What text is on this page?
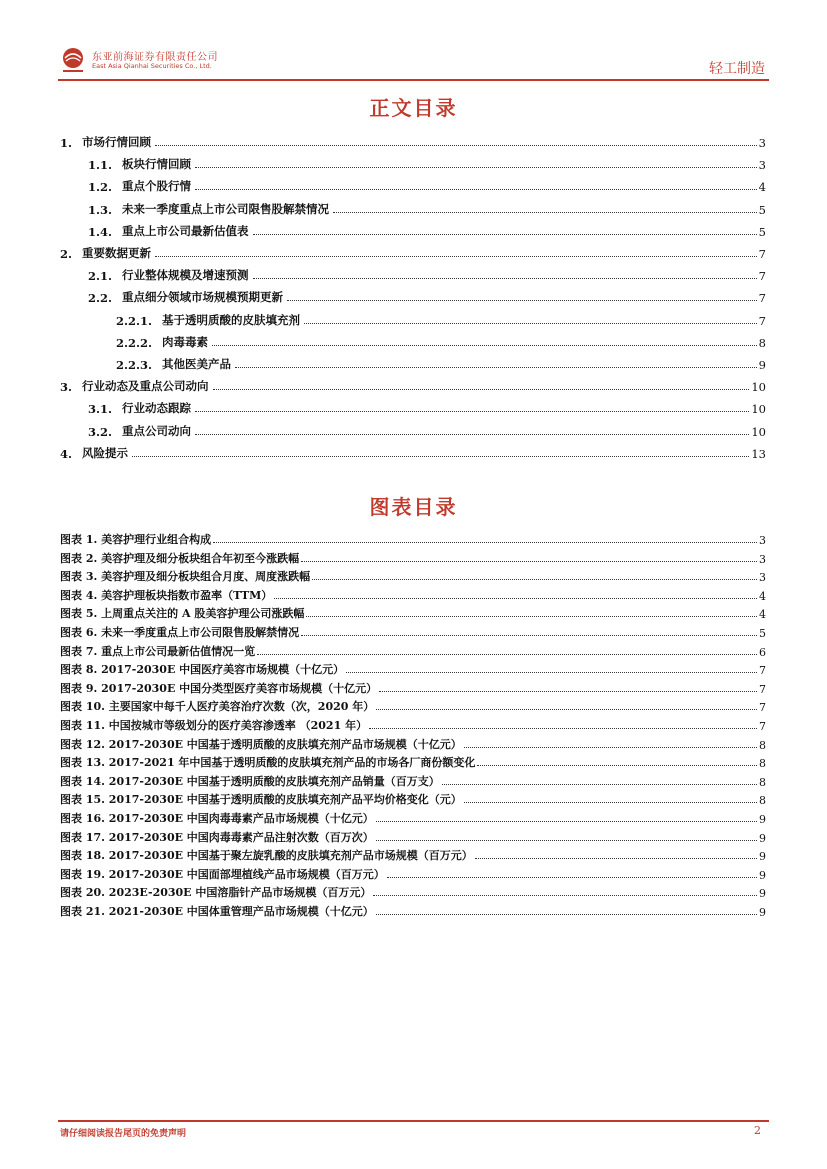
东亚前海证券有限责任公司
East Asia Qianhai Securities Co., Ltd.	轻工制造
正文目录
1. 市场行情回顾	3
1.1. 板块行情回顾	3
1.2. 重点个股行情	4
1.3. 未来一季度重点上市公司限售股解禁情况	5
1.4. 重点上市公司最新估值表	5
2. 重要数据更新	7
2.1. 行业整体规模及增速预测	7
2.2. 重点细分领域市场规模预期更新	7
2.2.1. 基于透明质酸的皮肤填充剂	7
2.2.2. 肉毒毒素	8
2.2.3. 其他医美产品	9
3. 行业动态及重点公司动向	10
3.1. 行业动态跟踪	10
3.2. 重点公司动向	10
4. 风险提示	13
图表目录
图表 1. 美容护理行业组合构成	3
图表 2. 美容护理及细分板块组合年初至今涨跌幅	3
图表 3. 美容护理及细分板块组合月度、周度涨跌幅	3
图表 4. 美容护理板块指数市盈率（TTM）	4
图表 5. 上周重点关注的 A 股美容护理公司涨跌幅	4
图表 6. 未来一季度重点上市公司限售股解禁情况	5
图表 7. 重点上市公司最新估值情况一览	6
图表 8. 2017-2030E 中国医疗美容市场规模（十亿元）	7
图表 9. 2017-2030E 中国分类型医疗美容市场规模（十亿元）	7
图表 10. 主要国家中每千人医疗美容治疗次数（次，2020 年）	7
图表 11. 中国按城市等级划分的医疗美容渗透率 （2021 年）	7
图表 12. 2017-2030E 中国基于透明质酸的皮肤填充剂产品市场规模（十亿元）	8
图表 13. 2017-2021 年中国基于透明质酸的皮肤填充剂产品的市场各厂商份额变化	8
图表 14. 2017-2030E 中国基于透明质酸的皮肤填充剂产品销量（百万支）	8
图表 15. 2017-2030E 中国基于透明质酸的皮肤填充剂产品平均价格变化（元）	8
图表 16. 2017-2030E 中国肉毒毒素产品市场规模（十亿元）	9
图表 17. 2017-2030E 中国肉毒毒素产品注射次数（百万次）	9
图表 18. 2017-2030E 中国基于聚左旋乳酸的皮肤填充剂产品市场规模（百万元）	9
图表 19. 2017-2030E 中国面部埋植线产品市场规模（百万元）	9
图表 20. 2023E-2030E 中国溶脂针产品市场规模（百万元）	9
图表 21. 2021-2030E 中国体重管理产品市场规模（十亿元）	9
请仔细阅读报告尾页的免责声明	2
